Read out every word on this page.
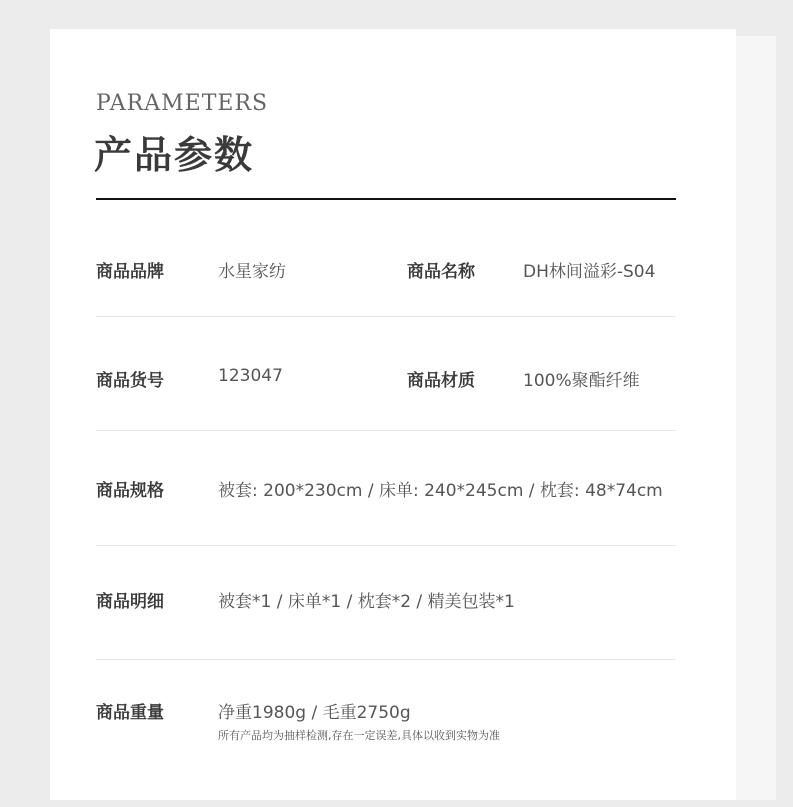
PARAMETERS
产品参数
商品品牌	水星家纺	商品名称	DH林间溢彩-S04
商品货号	123047	商品材质	100%聚酯纤维
商品规格	被套: 200*230cm / 床单: 240*245cm / 枕套: 48*74cm
商品明细	被套*1 / 床单*1 / 枕套*2 / 精美包装*1
商品重量	净重1980g / 毛重2750g
所有产品均为抽样检测,存在一定误差,具体以收到实物为准
